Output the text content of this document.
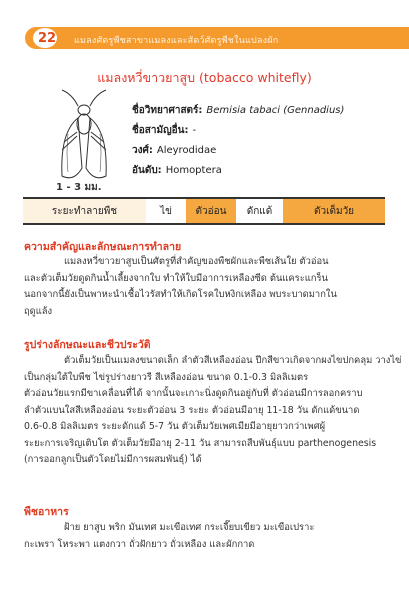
22 แมลงศัตรูพืชสาขาแมลงและสัตว์ศัตรูพืชในแปลงผัก
แมลงหวี่ขาวยาสูบ (tobacco whitefly)
1 - 3 มม.
ชื่อวิทยาศาสตร์: Bemisia tabaci (Gennadius)
ชื่อสามัญอื่น: -
วงศ์: Aleyrodidae
อันดับ: Homoptera
ระยะทำลายพืช	ไข่	ตัวอ่อน	ดักแด้	ตัวเต็มวัย
ความสำคัญและลักษณะการทำลาย

แมลงหวี่ขาวยาสูบเป็นศัตรูที่สำคัญของพืชผักและพืชเส้นใย ตัวอ่อน

และตัวเต็มวัยดูดกินน้ำเลี้ยงจากใบ ทำให้ใบมีอาการเหลืองซีด ต้นแคระแกร็น

นอกจากนี้ยังเป็นพาหะนำเชื้อไวรัสทำให้เกิดโรคใบหงิกเหลือง พบระบาดมากใน

ฤดูแล้ง

รูปร่างลักษณะและชีวประวัติ

ตัวเต็มวัยเป็นแมลงขนาดเล็ก ลำตัวสีเหลืองอ่อน ปีกสีขาวเกิดจากผงไขปกคลุม วางไข่

เป็นกลุ่มใต้ใบพืช ไข่รูปร่างยาวรี สีเหลืองอ่อน ขนาด 0.1-0.3 มิลลิเมตร

ตัวอ่อนวัยแรกมีขาเคลื่อนที่ได้ จากนั้นจะเกาะนิ่งดูดกินอยู่กับที่ ตัวอ่อนมีการลอกคราบ

ลำตัวแบนใสสีเหลืองอ่อน ระยะตัวอ่อน 3 ระยะ ตัวอ่อนมีอายุ 11-18 วัน ดักแด้ขนาด

0.6-0.8 มิลลิเมตร ระยะดักแด้ 5-7 วัน ตัวเต็มวัยเพศเมียมีอายุยาวกว่าเพศผู้

ระยะการเจริญเติบโต ตัวเต็มวัยมีอายุ 2-11 วัน สามารถสืบพันธุ์แบบ parthenogenesis

(การออกลูกเป็นตัวโดยไม่มีการผสมพันธุ์) ได้

พืชอาหาร

ฝ้าย ยาสูบ พริก มันเทศ มะเขือเทศ กระเจี๊ยบเขียว มะเขือเปราะ

กะเพรา โหระพา แตงกวา ถั่วฝักยาว ถั่วเหลือง และผักกาด
